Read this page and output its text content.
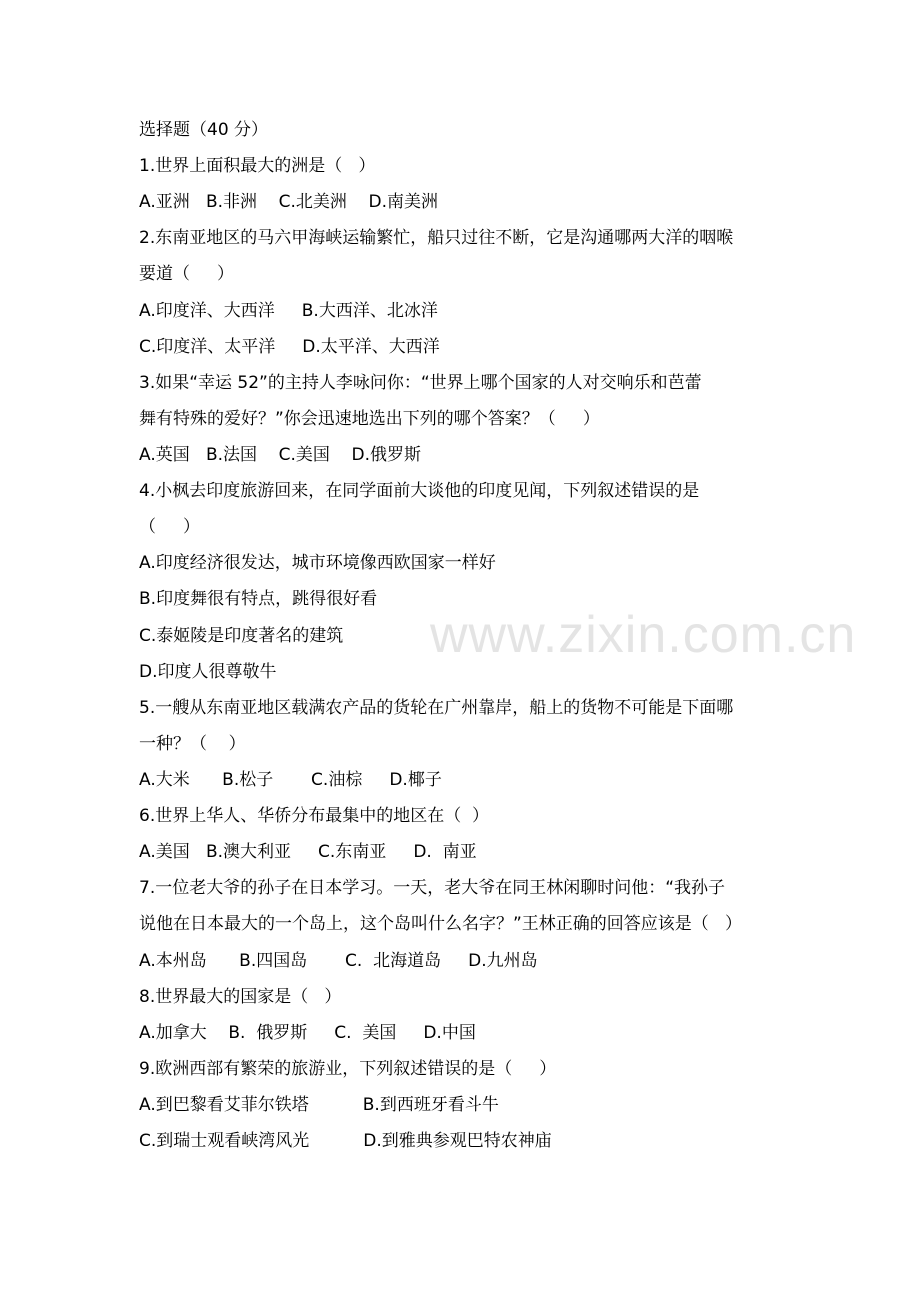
www.zixin.com.cn
选择题（40 分）
1.世界上面积最大的洲是（   ）
A.亚洲   B.非洲    C.北美洲    D.南美洲
2.东南亚地区的马六甲海峡运输繁忙，船只过往不断，它是沟通哪两大洋的咽喉
要道（     ）
A.印度洋、大西洋     B.大西洋、北冰洋
C.印度洋、太平洋     D.太平洋、大西洋
3.如果“幸运 52”的主持人李咏问你：“世界上哪个国家的人对交响乐和芭蕾
舞有特殊的爱好？”你会迅速地选出下列的哪个答案？（     ）
A.英国   B.法国    C.美国    D.俄罗斯
4.小枫去印度旅游回来，在同学面前大谈他的印度见闻，下列叙述错误的是
（     ）
A.印度经济很发达，城市环境像西欧国家一样好
B.印度舞很有特点，跳得很好看
C.泰姬陵是印度著名的建筑
D.印度人很尊敬牛
5.一艘从东南亚地区载满农产品的货轮在广州靠岸，船上的货物不可能是下面哪
一种？（    ）
A.大米      B.松子       C.油棕     D.椰子
6.世界上华人、华侨分布最集中的地区在（  ）
A.美国   B.澳大利亚     C.东南亚     D.  南亚
7.一位老大爷的孙子在日本学习。一天，老大爷在同王林闲聊时问他：“我孙子
说他在日本最大的一个岛上，这个岛叫什么名字？”王林正确的回答应该是（   ）
A.本州岛      B.四国岛       C.  北海道岛     D.九州岛
8.世界最大的国家是（   ）
A.加拿大    B.  俄罗斯     C.  美国     D.中国
9.欧洲西部有繁荣的旅游业，下列叙述错误的是（     ）
A.到巴黎看艾菲尔铁塔          B.到西班牙看斗牛
C.到瑞士观看峡湾风光          D.到雅典参观巴特农神庙
